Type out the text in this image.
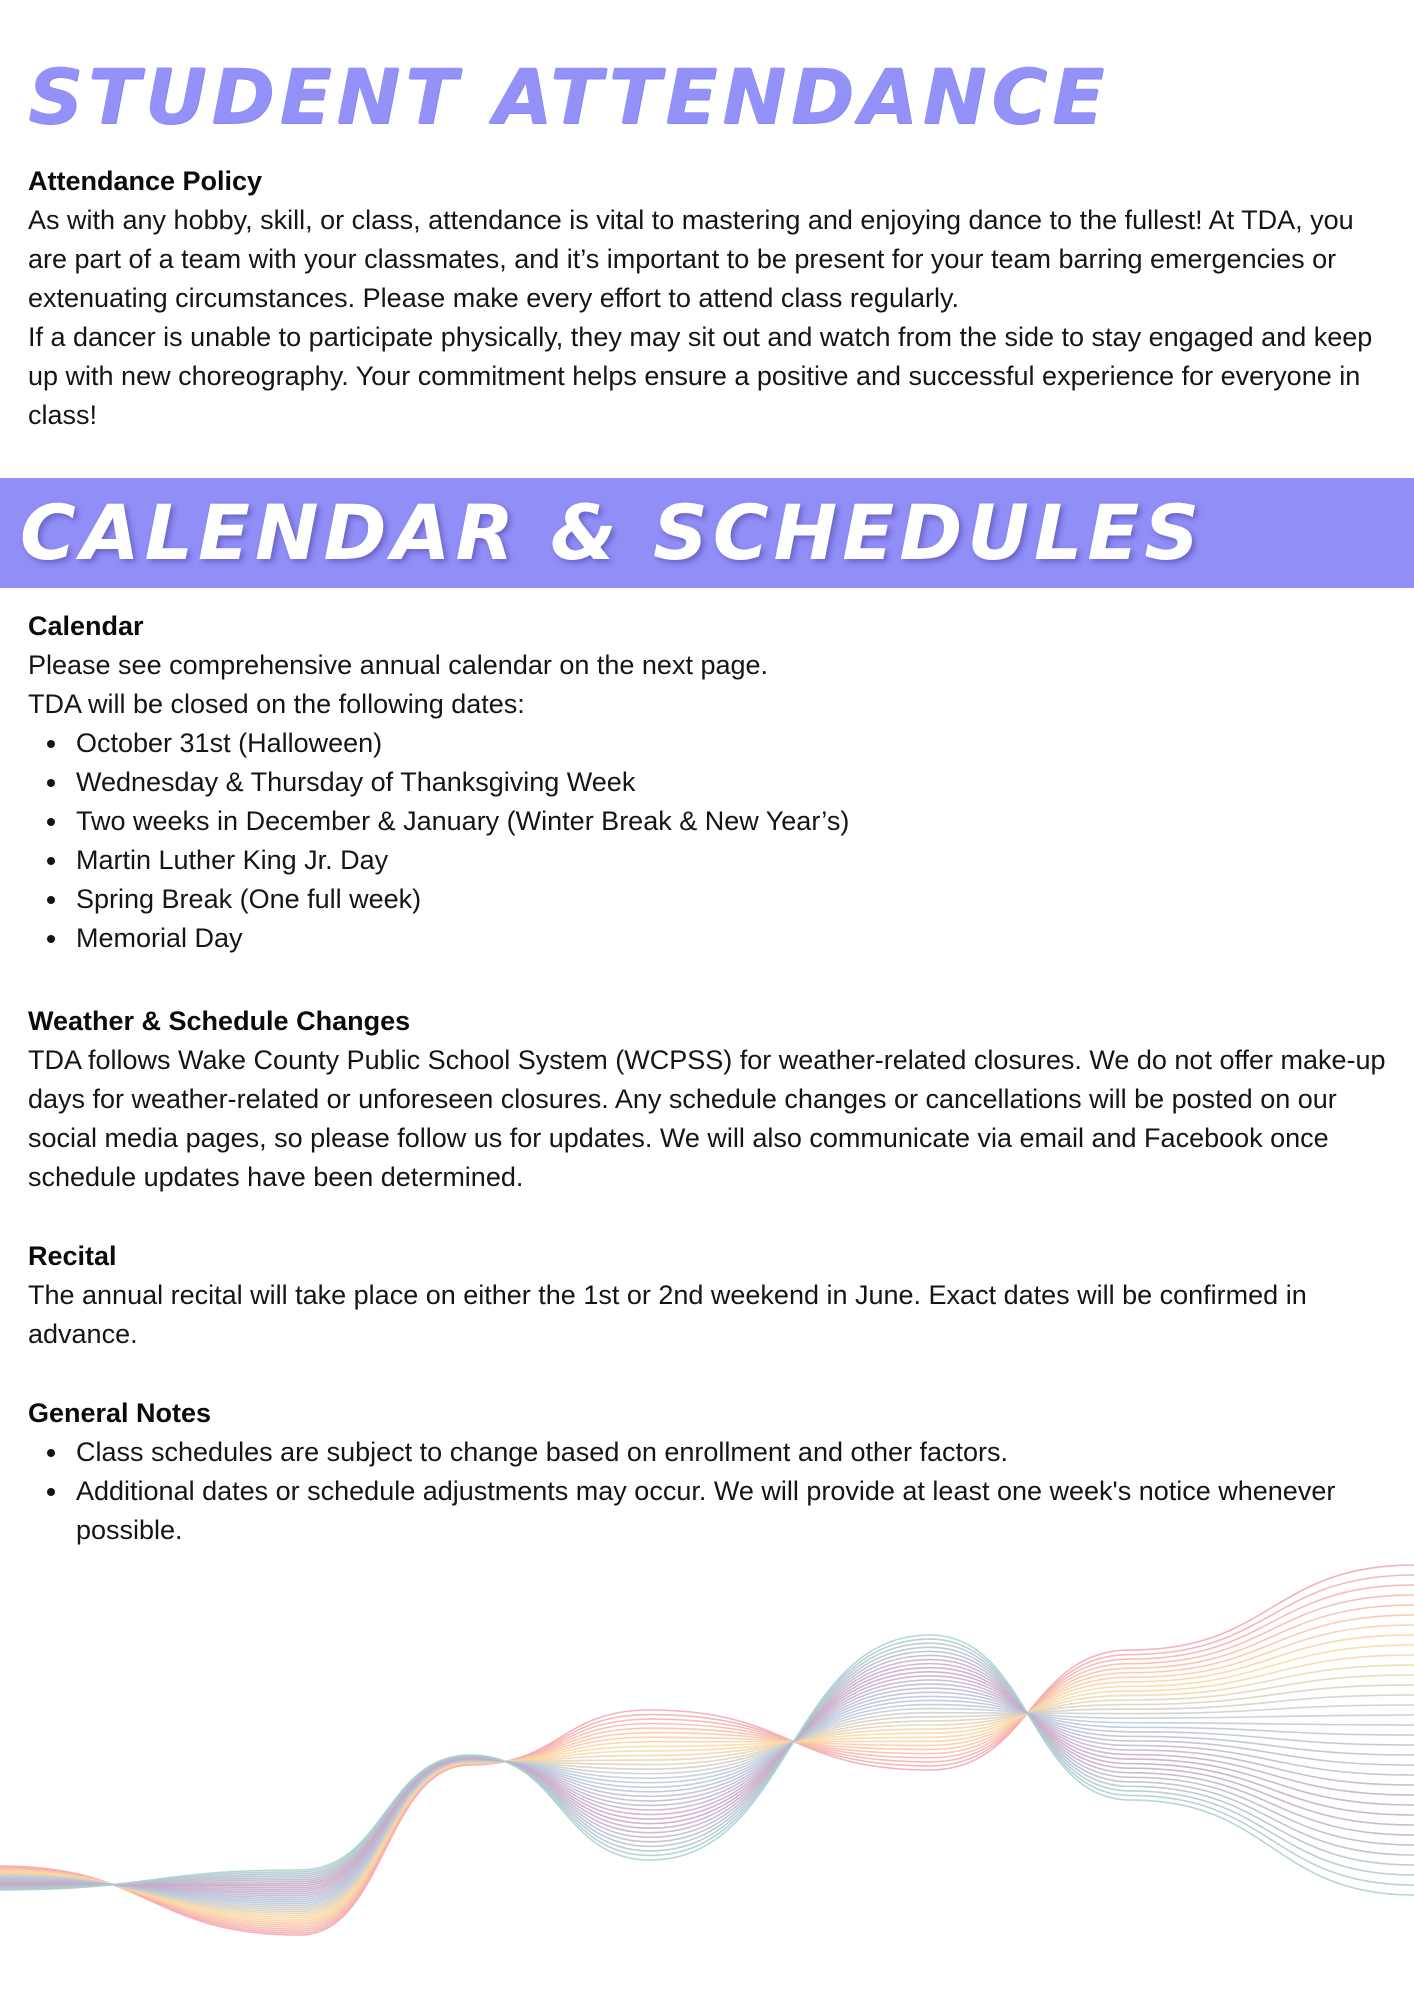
STUDENT ATTENDANCE
Attendance Policy

As with any hobby, skill, or class, attendance is vital to mastering and enjoying dance to the fullest! At TDA, you are part of a team with your classmates, and it’s important to be present for your team barring emergencies or extenuating circumstances. Please make every effort to attend class regularly.

If a dancer is unable to participate physically, they may sit out and watch from the side to stay engaged and keep up with new choreography. Your commitment helps ensure a positive and successful experience for everyone in class!

CALENDAR & SCHEDULES
Calendar

Please see comprehensive annual calendar on the next page.

TDA will be closed on the following dates:

October 31st (Halloween)
Wednesday & Thursday of Thanksgiving Week
Two weeks in December & January (Winter Break & New Year’s)
Martin Luther King Jr. Day
Spring Break (One full week)
Memorial Day
Weather & Schedule Changes

TDA follows Wake County Public School System (WCPSS) for weather-related closures. We do not offer make-up days for weather-related or unforeseen closures. Any schedule changes or cancellations will be posted on our social media pages, so please follow us for updates. We will also communicate via email and Facebook once schedule updates have been determined.

Recital

The annual recital will take place on either the 1st or 2nd weekend in June. Exact dates will be confirmed in advance.

General Notes
Class schedules are subject to change based on enrollment and other factors.
Additional dates or schedule adjustments may occur. We will provide at least one week's notice whenever possible.
